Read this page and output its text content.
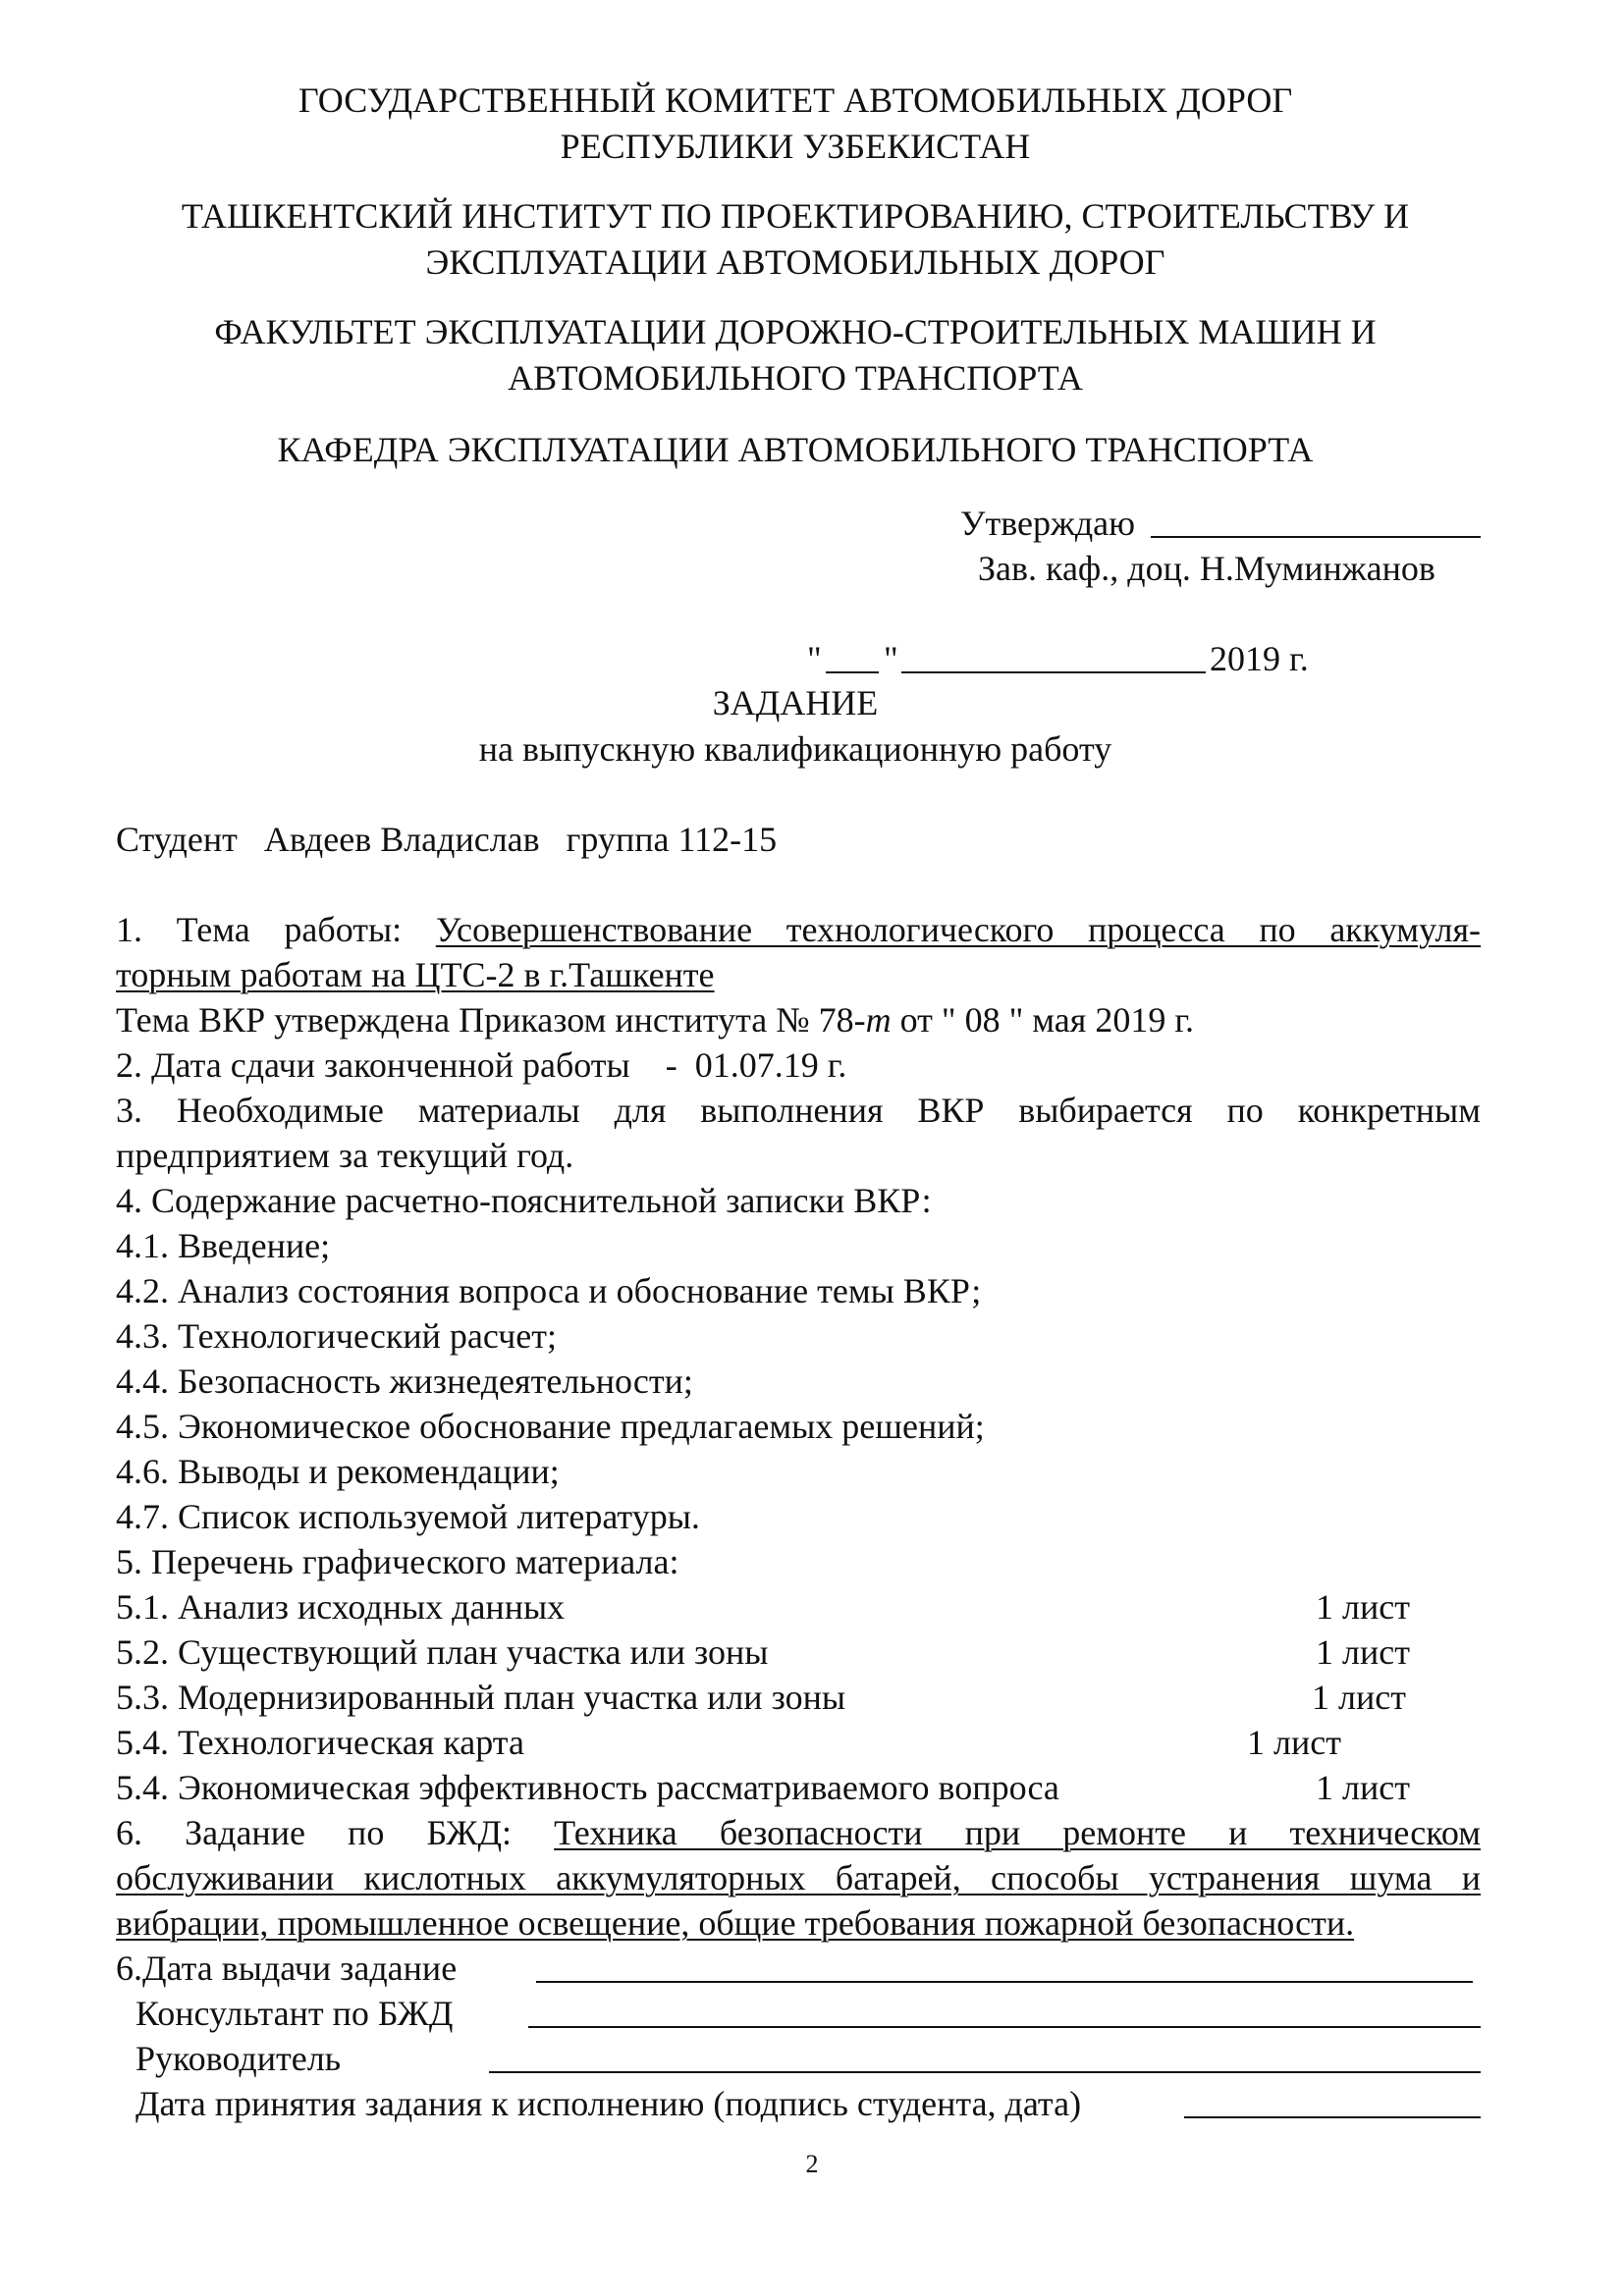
ГОСУДАРСТВЕННЫЙ КОМИТЕТ АВТОМОБИЛЬНЫХ ДОРОГ
РЕСПУБЛИКИ УЗБЕКИСТАН
ТАШКЕНТСКИЙ ИНСТИТУТ ПО ПРОЕКТИРОВАНИЮ, СТРОИТЕЛЬСТВУ И
ЭКСПЛУАТАЦИИ АВТОМОБИЛЬНЫХ ДОРОГ
ФАКУЛЬТЕТ ЭКСПЛУАТАЦИИ ДОРОЖНО-СТРОИТЕЛЬНЫХ МАШИН И
АВТОМОБИЛЬНОГО ТРАНСПОРТА
КАФЕДРА ЭКСПЛУАТАЦИИ АВТОМОБИЛЬНОГО ТРАНСПОРТА
Утверждаю
Зав. каф., доц. Н.Муминжанов
" "	2019 г.
ЗАДАНИЕ
на выпускную квалификационную работу
Студент Авдеев Владислав группа 112-15
1. Тема работы: Усовершенствование технологического процесса по аккумуля-
торным работам на ЦТС-2 в г.Ташкенте
Тема ВКР утверждена Приказом института № 78-т от " 08 " мая 2019 г.
2. Дата сдачи законченной работы    -  01.07.19 г.
3. Необходимые материалы для выполнения ВКР выбирается по конкретным
предприятием за текущий год.
4. Содержание расчетно-пояснительной записки ВКР:
4.1. Введение;
4.2. Анализ состояния вопроса и обоснование темы ВКР;
4.3. Технологический расчет;
4.4. Безопасность жизнедеятельности;
4.5. Экономическое обоснование предлагаемых решений;
4.6. Выводы и рекомендации;
4.7. Список используемой литературы.
5. Перечень графического материала:
5.1. Анализ исходных данных	1 лист
5.2. Существующий план участка или зоны	1 лист
5.3. Модернизированный план участка или зоны	1 лист
5.4. Технологическая карта	1 лист
5.4. Экономическая эффективность рассматриваемого вопроса	1 лист
6. Задание по БЖД: Техника безопасности при ремонте и техническом
обслуживании кислотных аккумуляторных батарей, способы устранения шума и
вибрации, промышленное освещение, общие требования пожарной безопасности.
6.Дата выдачи задание
Консультант по БЖД
Руководитель
Дата принятия задания к исполнению (подпись студента, дата)
2
